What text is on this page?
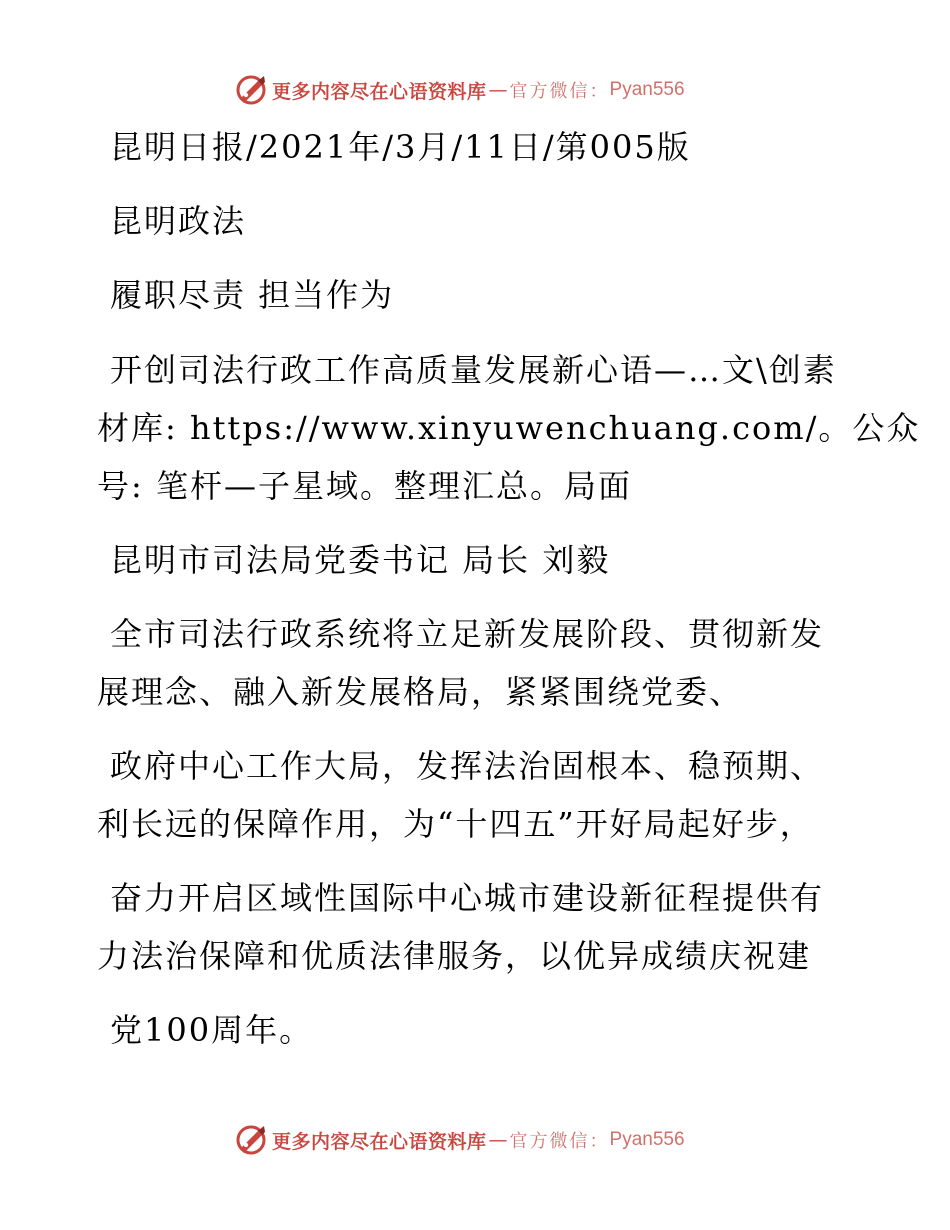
更多内容尽在心语资料库 — 官方微信： Pyan556
昆明日报/2021年/3月/11日/第005版
昆明政法
履职尽责 担当作为
开创司法行政工作高质量发展新心语—…文\创素
材库: https://www.xinyuwenchuang.com/。公众
号: 笔杆—子星域。整理汇总。局面
昆明市司法局党委书记 局长 刘毅
全市司法行政系统将立足新发展阶段、贯彻新发
展理念、融入新发展格局，紧紧围绕党委、
政府中心工作大局，发挥法治固根本、稳预期、
利长远的保障作用，为“十四五”开好局起好步，
奋力开启区域性国际中心城市建设新征程提供有
力法治保障和优质法律服务，以优异成绩庆祝建
党100周年。
更多内容尽在心语资料库 — 官方微信： Pyan556
